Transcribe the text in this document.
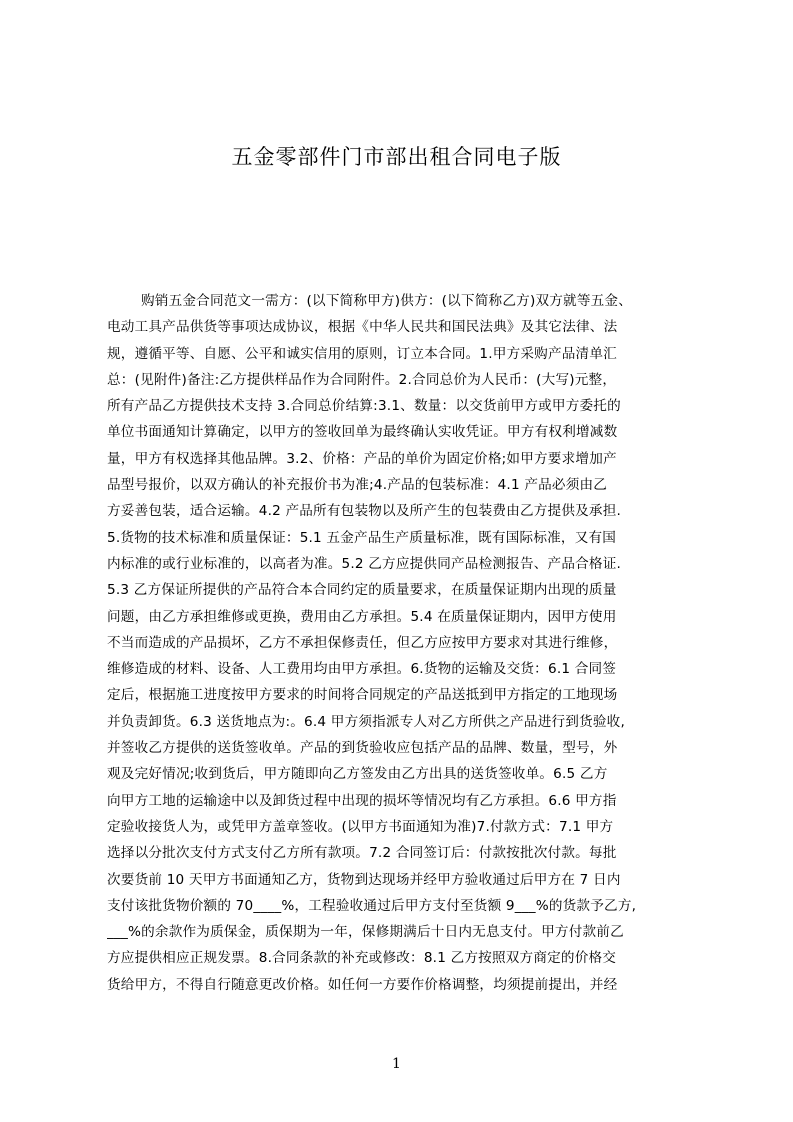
五金零部件门市部出租合同电子版
购销五金合同范文一需方：(以下简称甲方)供方：(以下简称乙方)双方就等五金、
电动工具产品供货等事项达成协议，根据《中华人民共和国民法典》及其它法律、法
规，遵循平等、自愿、公平和诚实信用的原则，订立本合同。1.甲方采购产品清单汇
总：(见附件)备注:乙方提供样品作为合同附件。2.合同总价为人民币：(大写)元整，
所有产品乙方提供技术支持 3.合同总价结算:3.1、数量：以交货前甲方或甲方委托的
单位书面通知计算确定，以甲方的签收回单为最终确认实收凭证。甲方有权利增减数
量，甲方有权选择其他品牌。3.2、价格：产品的单价为固定价格;如甲方要求增加产
品型号报价，以双方确认的补充报价书为准;4.产品的包装标准：4.1 产品必须由乙
方妥善包装，适合运输。4.2 产品所有包装物以及所产生的包装费由乙方提供及承担.
5.货物的技术标准和质量保证：5.1 五金产品生产质量标准，既有国际标准，又有国
内标准的或行业标准的，以高者为准。5.2 乙方应提供同产品检测报告、产品合格证.
5.3 乙方保证所提供的产品符合本合同约定的质量要求，在质量保证期内出现的质量
问题，由乙方承担维修或更换，费用由乙方承担。5.4 在质量保证期内，因甲方使用
不当而造成的产品损坏，乙方不承担保修责任，但乙方应按甲方要求对其进行维修，
维修造成的材料、设备、人工费用均由甲方承担。6.货物的运输及交货：6.1 合同签
定后，根据施工进度按甲方要求的时间将合同规定的产品送抵到甲方指定的工地现场
并负责卸货。6.3 送货地点为:。6.4 甲方须指派专人对乙方所供之产品进行到货验收,
并签收乙方提供的送货签收单。产品的到货验收应包括产品的品牌、数量，型号，外
观及完好情况;收到货后，甲方随即向乙方签发由乙方出具的送货签收单。6.5 乙方
向甲方工地的运输途中以及卸货过程中出现的损坏等情况均有乙方承担。6.6 甲方指
定验收接货人为，或凭甲方盖章签收。(以甲方书面通知为准)7.付款方式：7.1 甲方
选择以分批次支付方式支付乙方所有款项。7.2 合同签订后：付款按批次付款。每批
次要货前 10 天甲方书面通知乙方，货物到达现场并经甲方验收通过后甲方在 7 日内
支付该批货物价额的 70____%，工程验收通过后甲方支付至货额 9___%的货款予乙方,
___%的余款作为质保金，质保期为一年，保修期满后十日内无息支付。甲方付款前乙
方应提供相应正规发票。8.合同条款的补充或修改：8.1 乙方按照双方商定的价格交
货给甲方，不得自行随意更改价格。如任何一方要作价格调整，均须提前提出，并经
1
